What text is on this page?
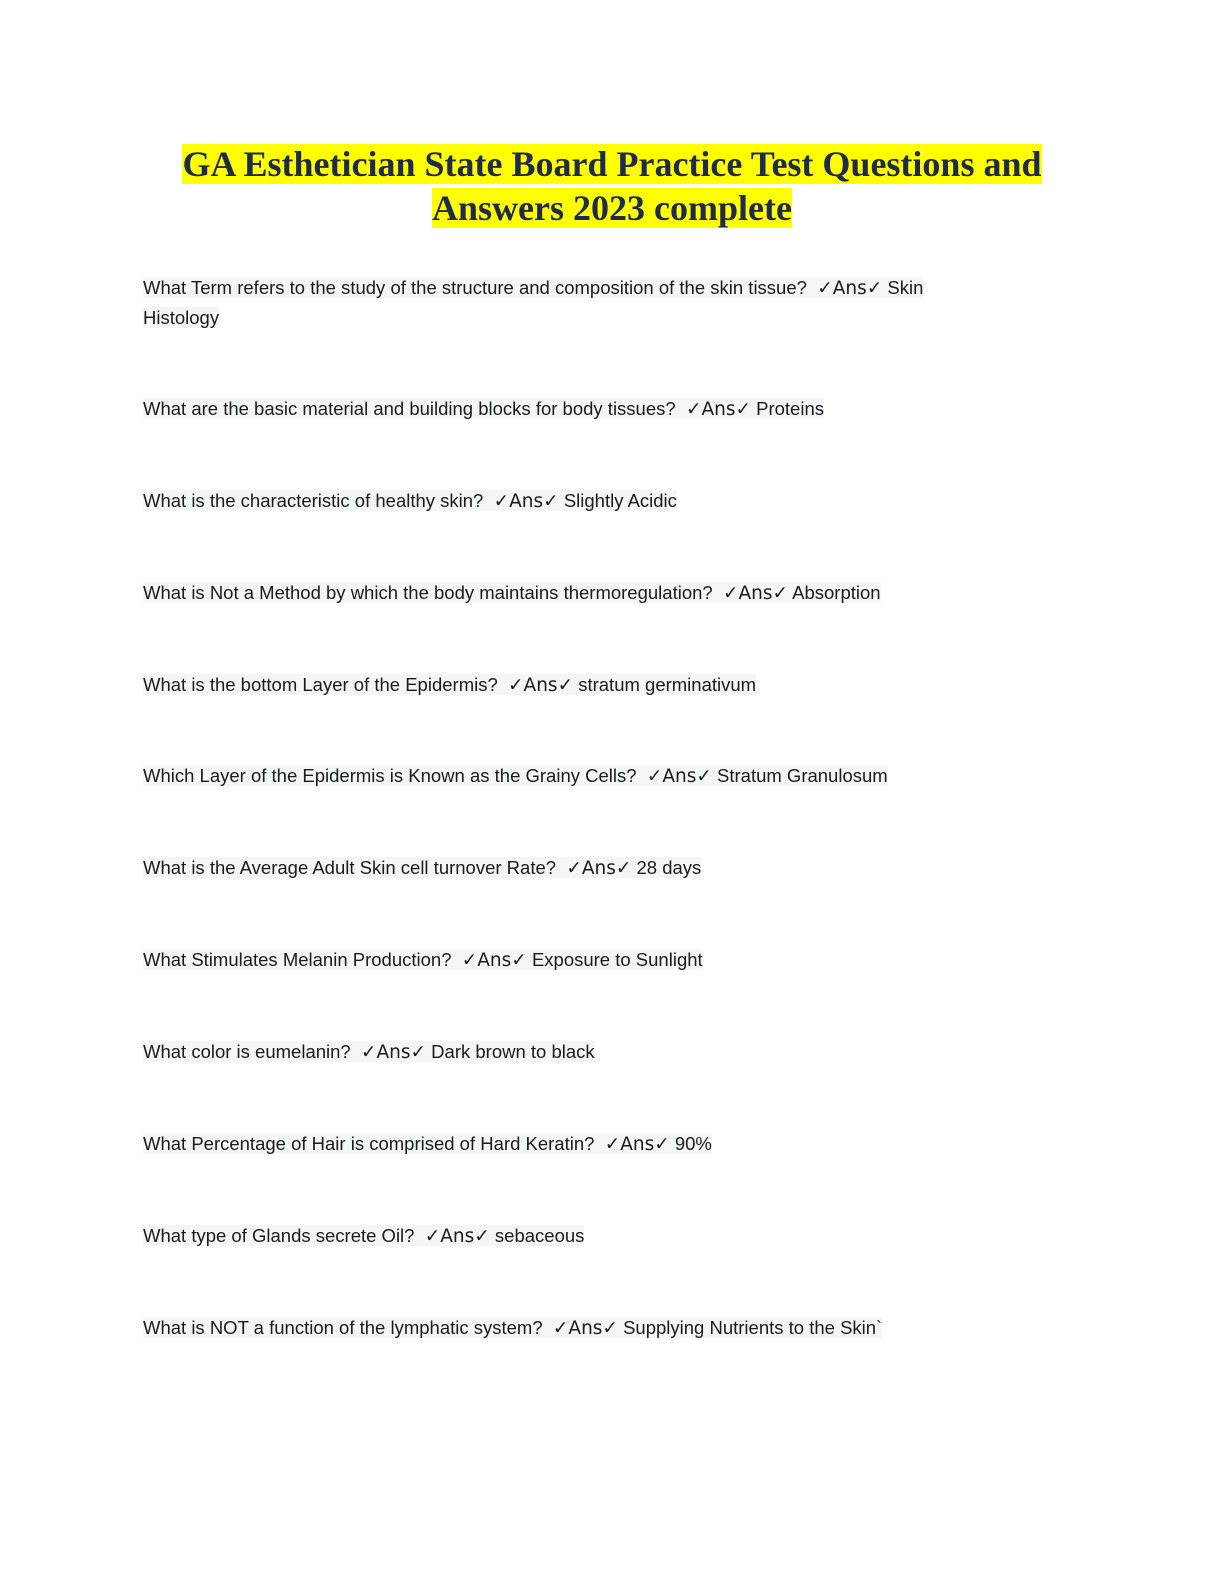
GA Esthetician State Board Practice Test Questions and
Answers 2023 complete
What Term refers to the study of the structure and composition of the skin tissue? ✓Ans✓ Skin Histology
What are the basic material and building blocks for body tissues? ✓Ans✓ Proteins
What is the characteristic of healthy skin? ✓Ans✓ Slightly Acidic
What is Not a Method by which the body maintains thermoregulation? ✓Ans✓ Absorption
What is the bottom Layer of the Epidermis? ✓Ans✓ stratum germinativum
Which Layer of the Epidermis is Known as the Grainy Cells? ✓Ans✓ Stratum Granulosum
What is the Average Adult Skin cell turnover Rate? ✓Ans✓ 28 days
What Stimulates Melanin Production? ✓Ans✓ Exposure to Sunlight
What color is eumelanin? ✓Ans✓ Dark brown to black
What Percentage of Hair is comprised of Hard Keratin? ✓Ans✓ 90%
What type of Glands secrete Oil? ✓Ans✓ sebaceous
What is NOT a function of the lymphatic system? ✓Ans✓ Supplying Nutrients to the Skin`
